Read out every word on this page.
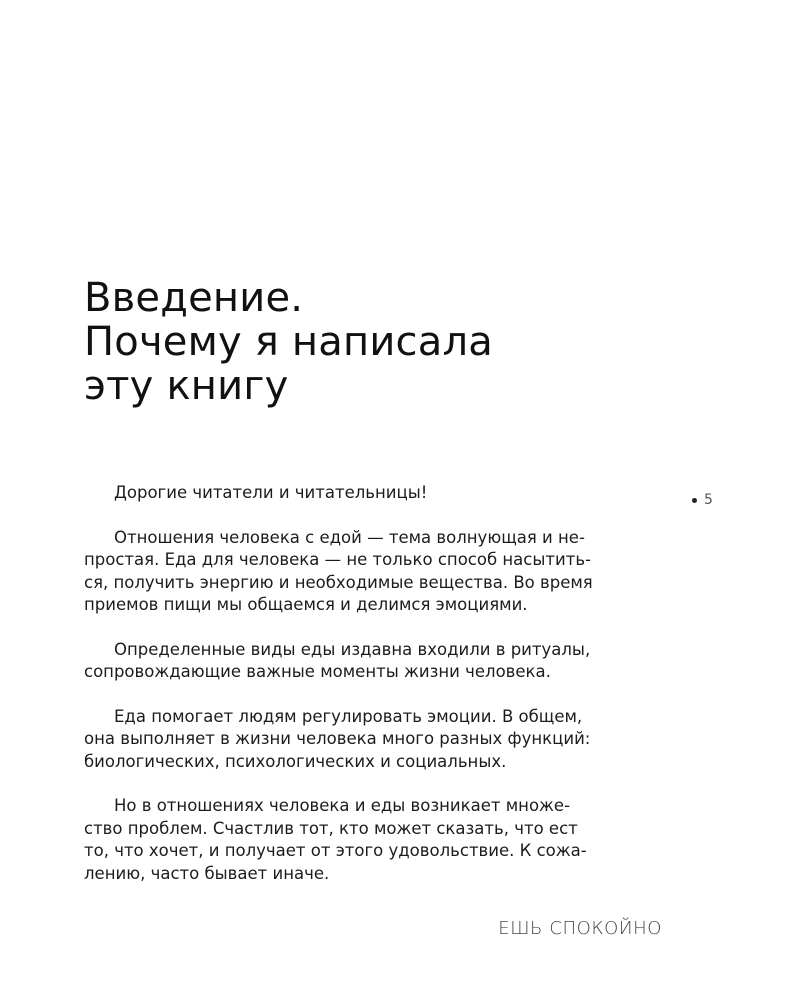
Введение.
Почему я написала
эту книгу
5

Дорогие читатели и читательницы!

Отношения человека с едой — тема волнующая и не-
простая. Еда для человека — не только способ насытить-
ся, получить энергию и необходимые вещества. Во время
приемов пищи мы общаемся и делимся эмоциями.

Определенные виды еды издавна входили в ритуалы,
сопровождающие важные моменты жизни человека.

Еда помогает людям регулировать эмоции. В общем,
она выполняет в жизни человека много разных функций:
биологических, психологических и социальных.

Но в отношениях человека и еды возникает множе-
ство проблем. Счастлив тот, кто может сказать, что ест
то, что хочет, и получает от этого удовольствие. К сожа-
лению, часто бывает иначе.

ЕШЬ СПОКОЙНО
